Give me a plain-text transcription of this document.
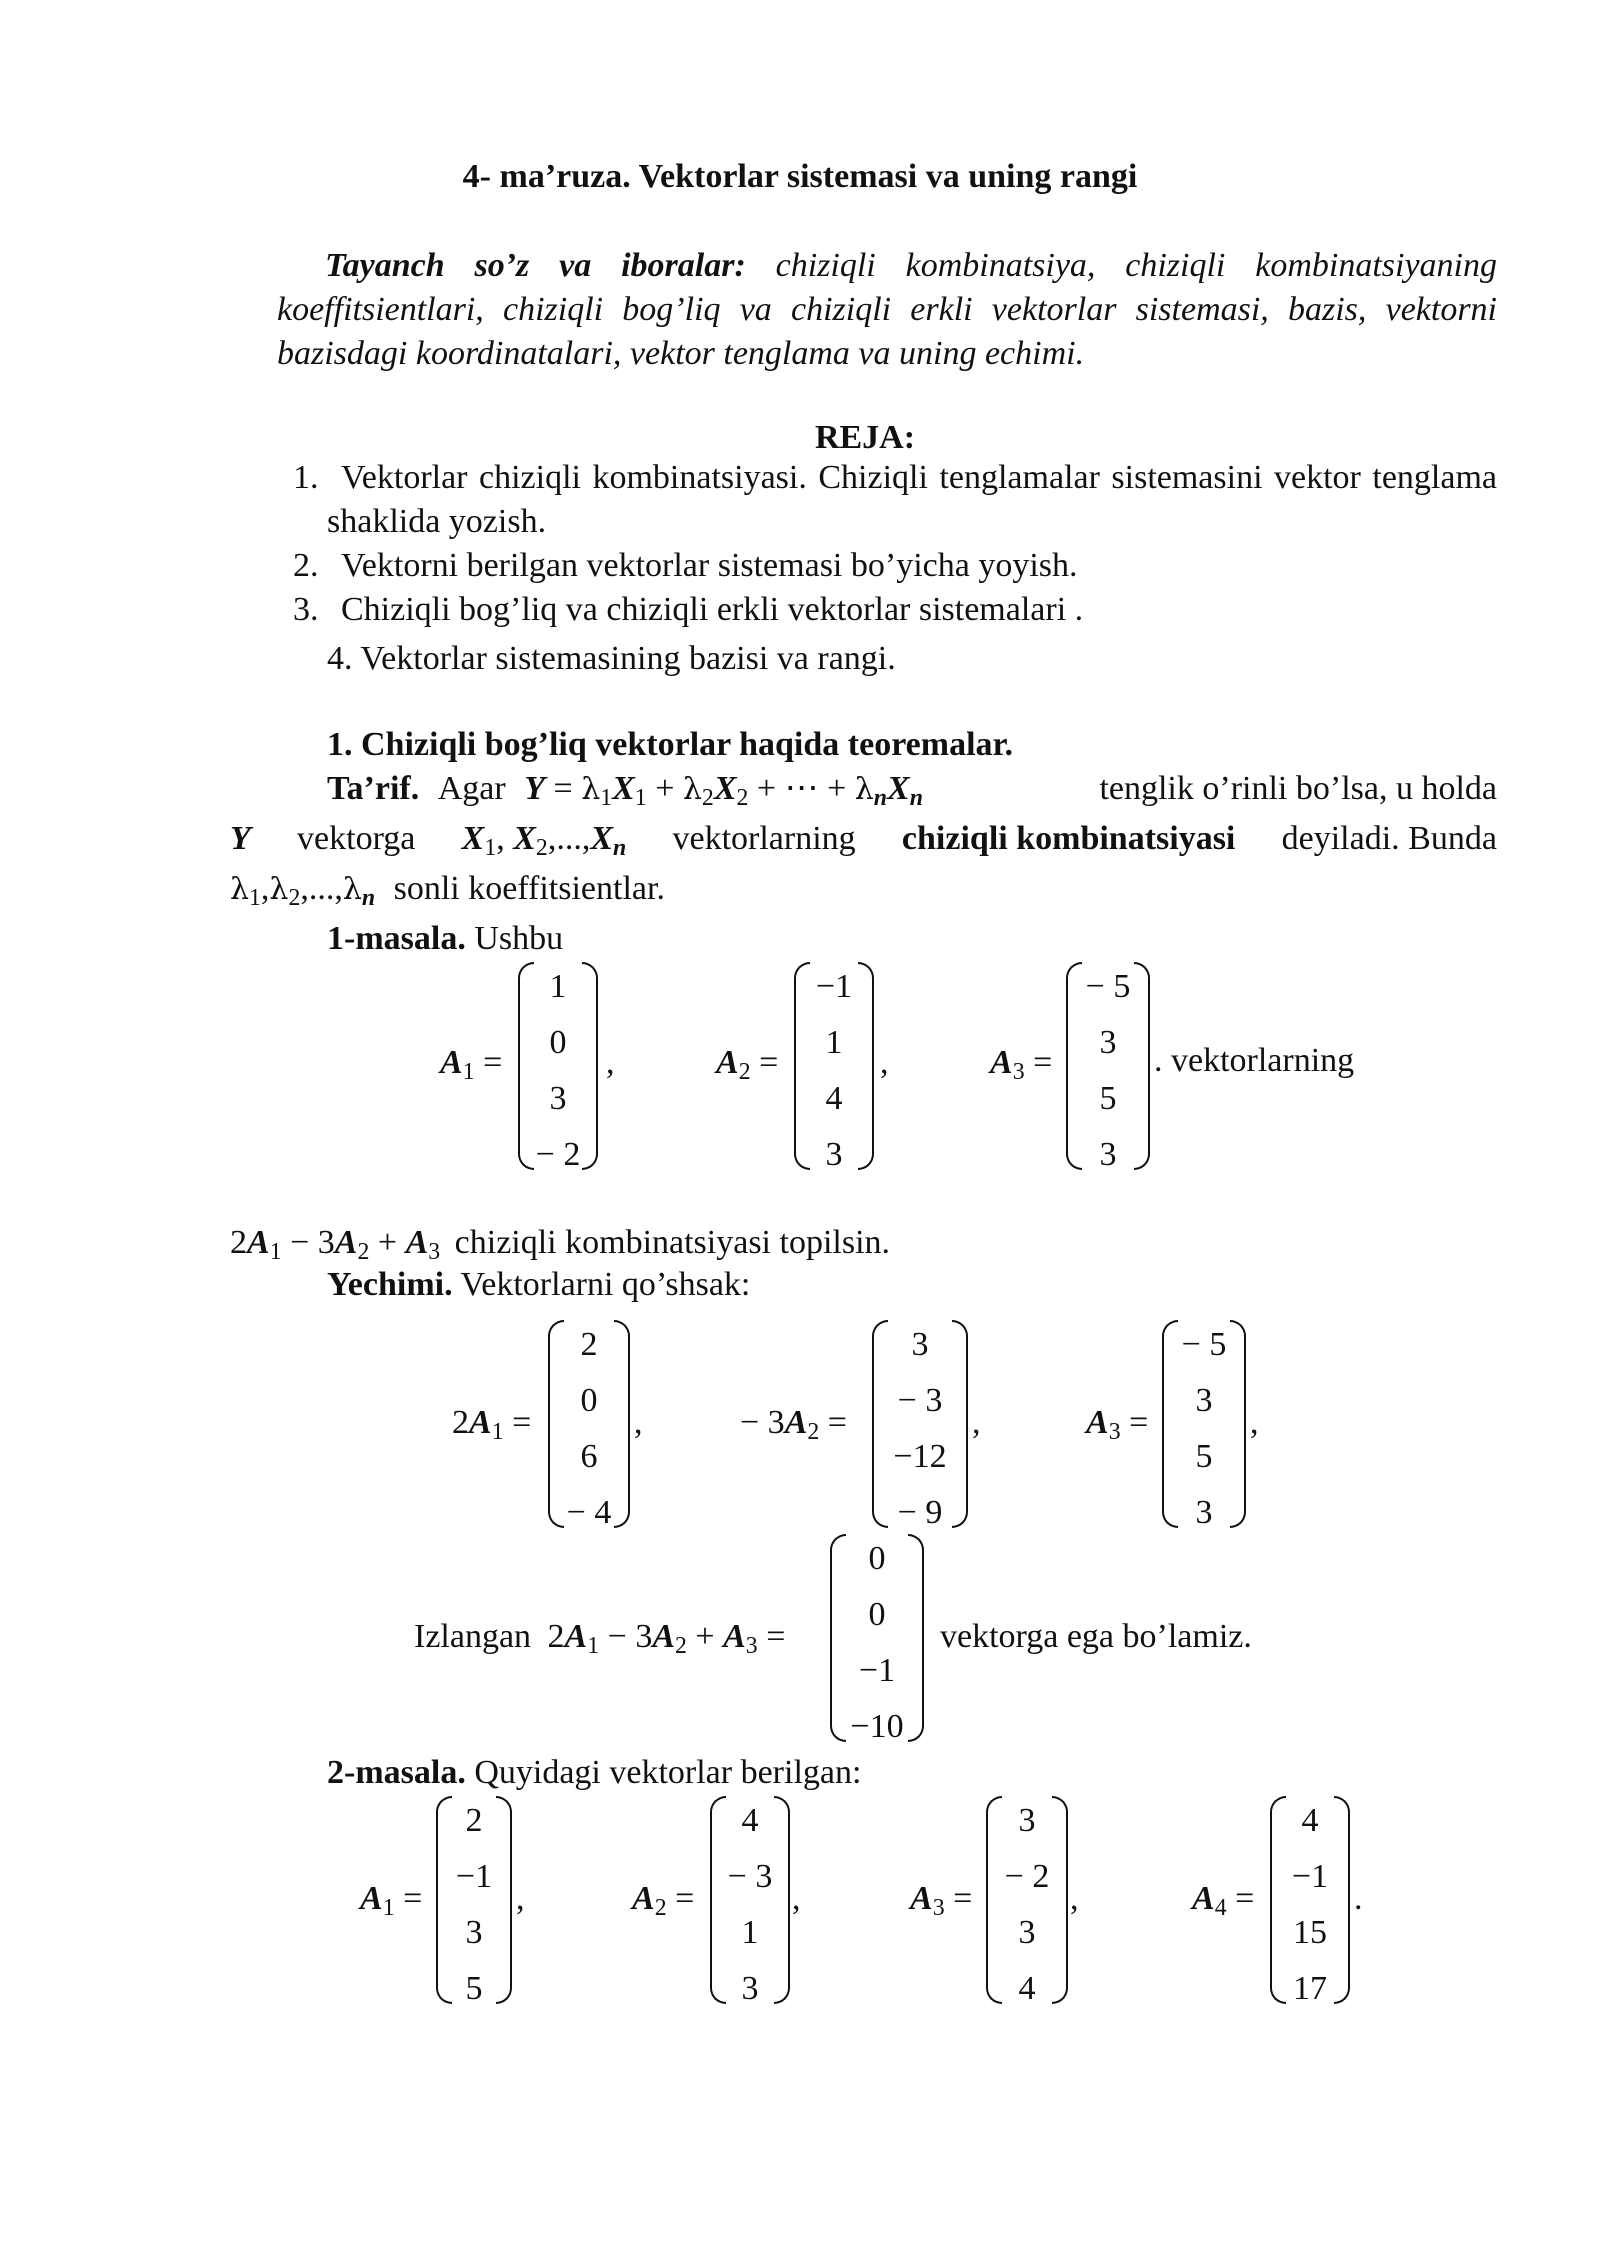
4- ma’ruza. Vektorlar sistemasi va uning rangi
Tayanch so’z va iboralar: chiziqli kombinatsiya, chiziqli kombinatsiyaning koeffitsientlari, chiziqli bog’liq va chiziqli erkli vektorlar sistemasi, bazis, vektorni bazisdagi koordinatalari, vektor tenglama va uning echimi.
REJA:
1. Vektorlar chiziqli kombinatsiyasi. Chiziqli tenglamalar sistemasini vektor tenglama shaklida yozish.
2. Vektorni berilgan vektorlar sistemasi bo’yicha yoyish.
3. Chiziqli bog’liq va chiziqli erkli vektorlar sistemalari .
4. Vektorlar sistemasining bazisi va rangi.
1. Chiziqli bog’liq vektorlar haqida teoremalar.
Ta’rif. Agar $Y = \lambda_1X_1 + \lambda_2X_2$ + ⋯ + $\lambda_nX_n$	tenglik o’rinli bo’lsa, u holda
Y vektorga $X_1$, $X_2,...,X_n$ vektorlarning chiziqli kombinatsiyasi deyiladi. Bunda
$\lambda_1,\lambda_2,...,\lambda_n$ sonli koeffitsientlar.
1-masala. Ushbu
$A_1$ =
1
0
3
− 2
,	$A_2$ =
−1
1
4
3
,	$A_3$ =
− 5
3
5
3
. vektorlarning
$2A_1 - 3A_2 + A_3$ chiziqli kombinatsiyasi topilsin.
Yechimi. Vektorlarni qo’shsak:
$2A_1$ =
2
0
6
− 4
,	− $3A_2$ =
3
− 3
−12
− 9
,	$A_3$ =
− 5
3
5
3
,
Izlangan $2A_1 - 3A_2 + A_3$ =
0
0
−1
−10
vektorga ega bo’lamiz.
2-masala. Quyidagi vektorlar berilgan:
$A_1$ =
2
−1
3
5
,	$A_2$ =
4
− 3
1
3
,	$A_3$ =
3
− 2
3
4
,	$A_4$ =
4
−1
15
17
.
